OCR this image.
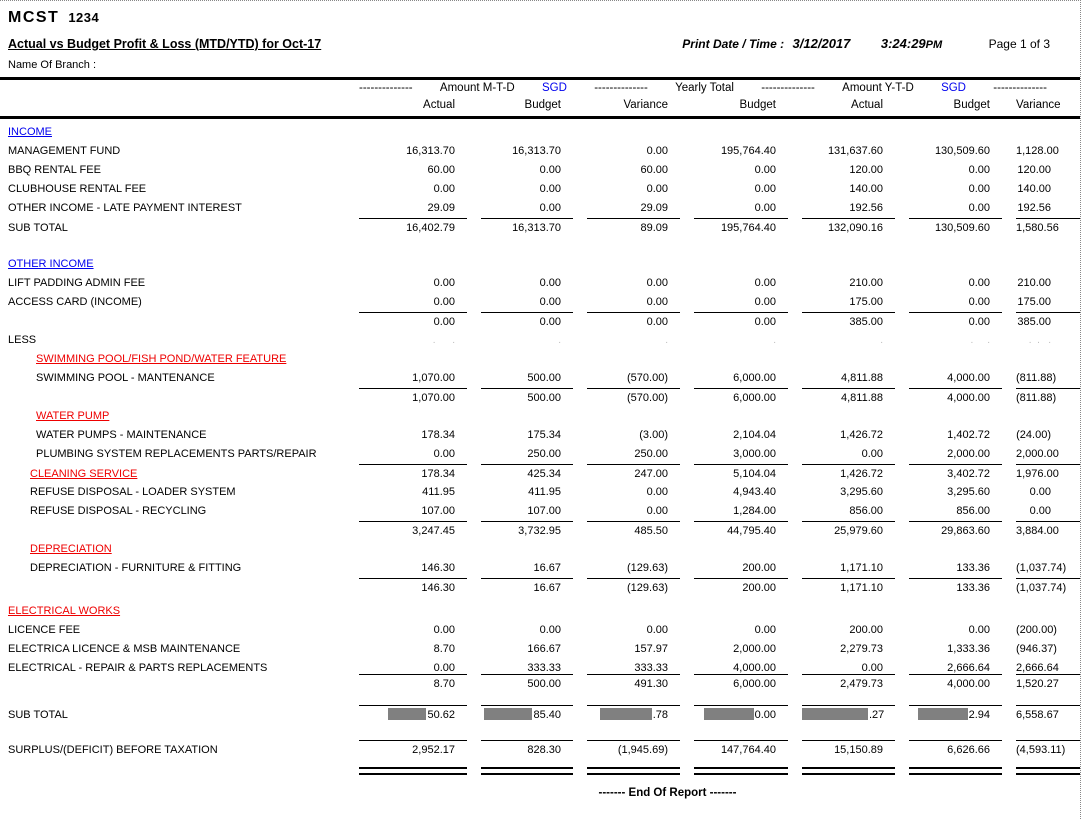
MCST 1234
Actual vs Budget Profit & Loss (MTD/YTD) for Oct-17	Print Date / Time : 3/12/2017 3:24:29PM	Page 1 of 3
Name Of Branch :
-------------- Amount M-T-D SGD -------------- Yearly Total -------------- Amount Y-T-D SGD --------------
Actual	Budget	Variance	Budget	Actual	Budget	Variance
INCOME
MANAGEMENT FUND	16,313.70	16,313.70	0.00	195,764.40	131,637.60	130,509.60	1,128.00
BBQ RENTAL FEE	60.00	0.00	60.00	0.00	120.00	0.00	120.00
CLUBHOUSE RENTAL FEE	0.00	0.00	0.00	0.00	140.00	0.00	140.00
OTHER INCOME - LATE PAYMENT INTEREST	29.09	0.00	29.09	0.00	192.56	0.00	192.56
SUB TOTAL	16,402.79	16,313.70	89.09	195,764.40	132,090.16	130,509.60	1,580.56
OTHER INCOME
LIFT PADDING ADMIN FEE	0.00	0.00	0.00	0.00	210.00	0.00	210.00
ACCESS CARD (INCOME)	0.00	0.00	0.00	0.00	175.00	0.00	175.00
0.00	0.00	0.00	0.00	385.00	0.00	385.00
LESS	.      .	.	.	.	.	.     .	.  .   .
SWIMMING POOL/FISH POND/WATER FEATURE
SWIMMING POOL - MANTENANCE	1,070.00	500.00	(570.00)	6,000.00	4,811.88	4,000.00	(811.88)
1,070.00	500.00	(570.00)	6,000.00	4,811.88	4,000.00	(811.88)
WATER PUMP
WATER PUMPS - MAINTENANCE	178.34	175.34	(3.00)	2,104.04	1,426.72	1,402.72	(24.00)
PLUMBING SYSTEM REPLACEMENTS PARTS/REPAIR	0.00	250.00	250.00	3,000.00	0.00	2,000.00	2,000.00
CLEANING SERVICE	178.34	425.34	247.00	5,104.04	1,426.72	3,402.72	1,976.00
REFUSE DISPOSAL - LOADER SYSTEM	411.95	411.95	0.00	4,943.40	3,295.60	3,295.60	0.00
REFUSE DISPOSAL - RECYCLING	107.00	107.00	0.00	1,284.00	856.00	856.00	0.00
3,247.45	3,732.95	485.50	44,795.40	25,979.60	29,863.60	3,884.00
DEPRECIATION
DEPRECIATION - FURNITURE & FITTING	146.30	16.67	(129.63)	200.00	1,171.10	133.36	(1,037.74)
146.30	16.67	(129.63)	200.00	1,171.10	133.36	(1,037.74)
ELECTRICAL WORKS
LICENCE FEE	0.00	0.00	0.00	0.00	200.00	0.00	(200.00)
ELECTRICA LICENCE & MSB MAINTENANCE	8.70	166.67	157.97	2,000.00	2,279.73	1,333.36	(946.37)
ELECTRICAL - REPAIR & PARTS REPLACEMENTS	0.00	333.33	333.33	4,000.00	0.00	2,666.64	2,666.64
8.70	500.00	491.30	6,000.00	2,479.73	4,000.00	1,520.27
SUB TOTAL	50.62	85.40	.78	0.00	.27	2.94	6,558.67
SURPLUS/(DEFICIT) BEFORE TAXATION	2,952.17	828.30	(1,945.69)	147,764.40	15,150.89	6,626.66	(4,593.11)
------- End Of Report -------
